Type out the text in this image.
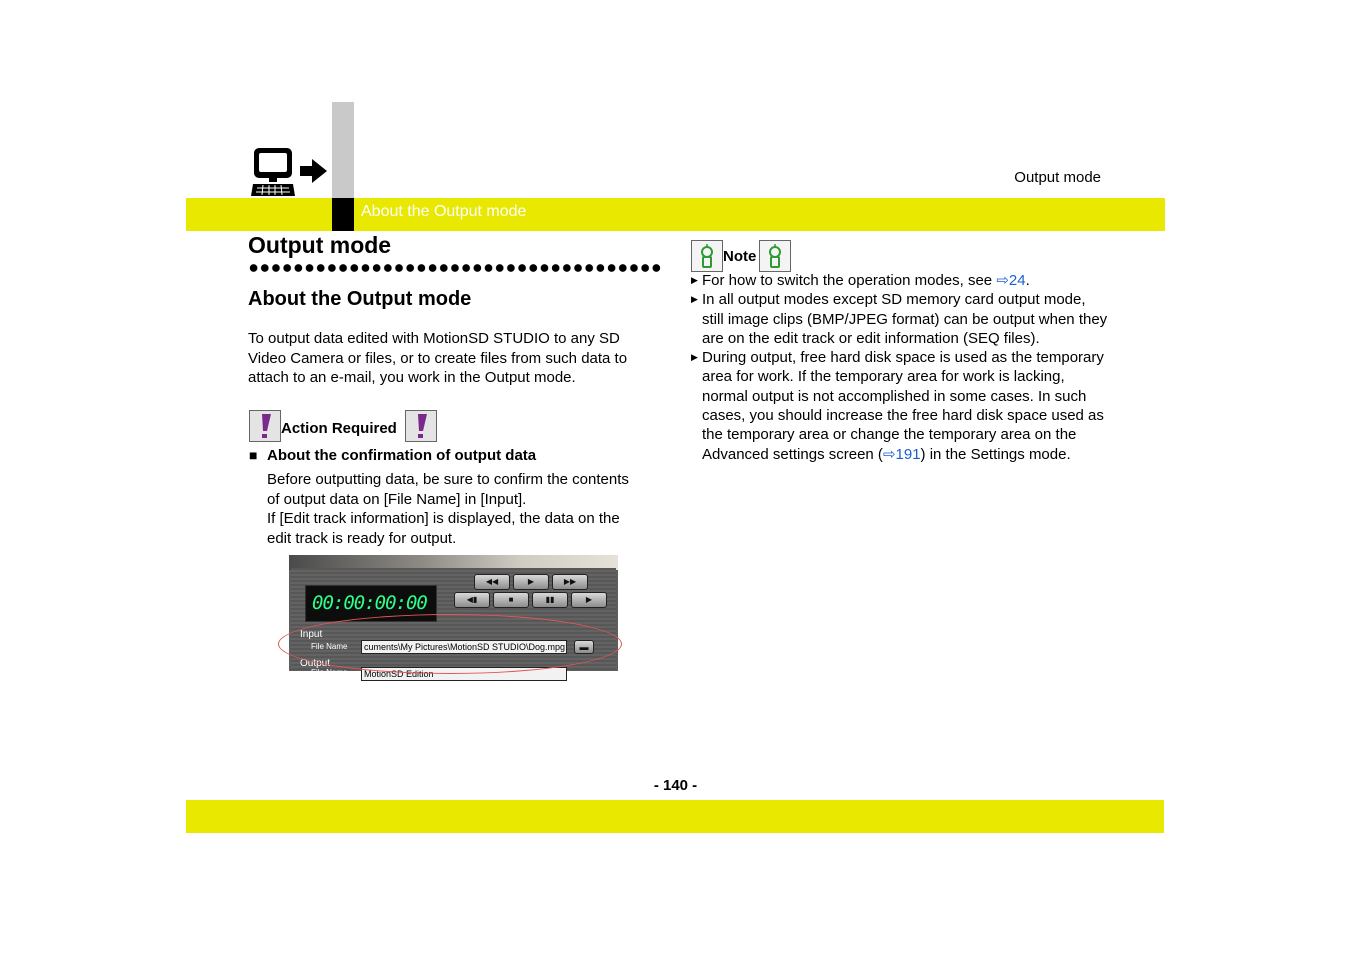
About the Output mode
Output mode
Output mode
About the Output mode
To output data edited with MotionSD STUDIO to any SD
Video Camera or files, or to create files from such data to
attach to an e-mail, you work in the Output mode.
Action Required
■ About the confirmation of output data
Before outputting data, be sure to confirm the contents
of output data on [File Name] in [Input].
If [Edit track information] is displayed, the data on the
edit track is ready for output.
00:00:00:00
◀◀	▶	▶▶
◀▮	■	▮▮	▶
Input
File Name	cuments\My Pictures\MotionSD STUDIO\Dog.mpg	▬
Output
File Name	MotionSD Edition
Note
▶ For how to switch the operation modes, see ⇨24.
▶ In all output modes except SD memory card output mode, still image clips (BMP/JPEG format) can be output when they are on the edit track or edit information (SEQ files).
▶ During output, free hard disk space is used as the temporary area for work. If the temporary area for work is lacking, normal output is not accomplished in some cases. In such cases, you should increase the free hard disk space used as the temporary area or change the temporary area on the Advanced settings screen (⇨191) in the Settings mode.
- 140 -
